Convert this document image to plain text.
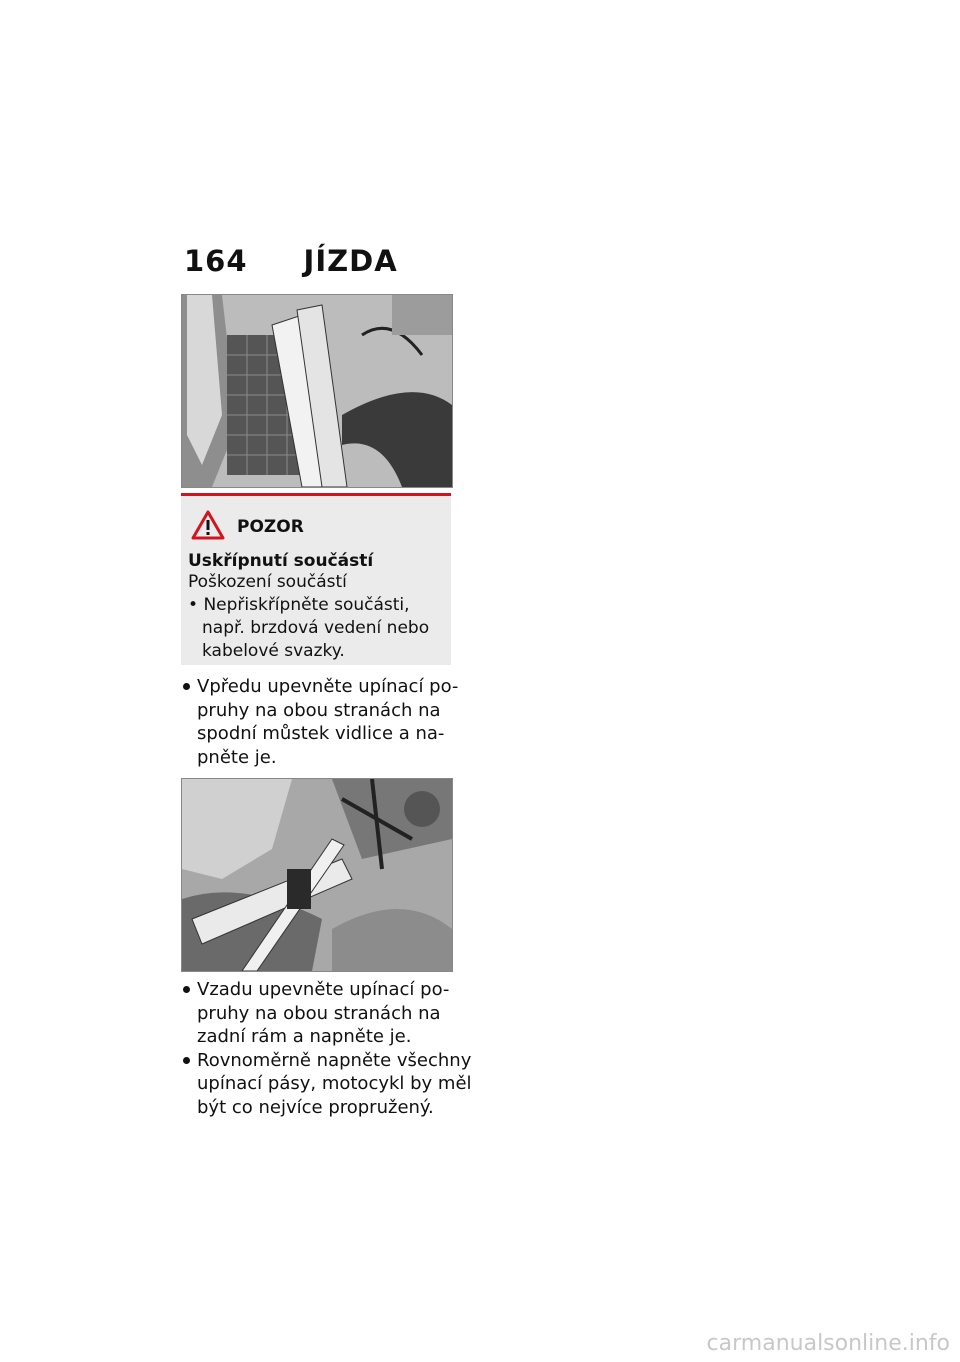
164 JÍZDA
POZOR
Uskřípnutí součástí
Poškození součástí
• Nepřiskřípněte součásti,
např. brzdová vedení nebo
kabelové svazky.
Vpředu upevněte upínací po-
pruhy na obou stranách na
spodní můstek vidlice a na-
pněte je.
Vzadu upevněte upínací po-
pruhy na obou stranách na
zadní rám a napněte je.
Rovnoměrně napněte všechny
upínací pásy, motocykl by měl
být co nejvíce propružený.
carmanualsonline.info
